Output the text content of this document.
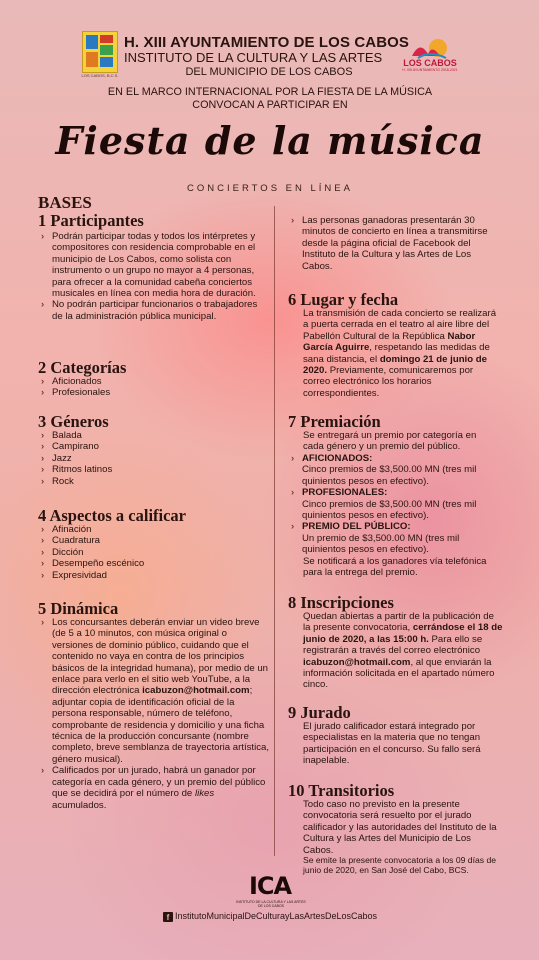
LOS CABOS, B.C.S.
H. XIII AYUNTAMIENTO DE LOS CABOS
INSTITUTO DE LA CULTURA Y LAS ARTES
DEL MUNICIPIO DE LOS CABOS
LOS CABOS
H. XIII AYUNTAMIENTO 2018-2021
EN EL MARCO INTERNACIONAL POR LA FIESTA DE LA MÚSICA
CONVOCAN A PARTICIPAR EN
Fiesta de la música
CONCIERTOS EN LÍNEA
BASES
1 Participantes
› Podrán participar todas y todos los intérpretes y compositores con residencia comprobable en el municipio de Los Cabos, como solista con instrumento o un grupo no mayor a 4 personas, para ofrecer a la comunidad cabeña conciertos musicales en línea con media hora de duración.
› No podrán participar funcionarios o trabajadores de la administración pública municipal.
2 Categorías
› Aficionados
› Profesionales
3 Géneros
› Balada
› Campirano
› Jazz
› Ritmos latinos
› Rock
4 Aspectos a calificar
› Afinación
› Cuadratura
› Dicción
› Desempeño escénico
› Expresividad
5 Dinámica
› Los concursantes deberán enviar un video breve (de 5 a 10 minutos, con música original o versiones de dominio público, cuidando que el contenido no vaya en contra de los principios básicos de la integridad humana), por medio de un enlace para verlo en el sitio web YouTube, a la dirección electrónica icabuzon@hotmail.com; adjuntar copia de identificación oficial de la persona responsable, número de teléfono, comprobante de residencia y domicilio y una ficha técnica de la producción concursante (nombre completo, breve semblanza de trayectoria artística, género musical).
› Calificados por un jurado, habrá un ganador por categoría en cada género, y un premio del público que se decidirá por el número de likes acumulados.
› Las personas ganadoras presentarán 30 minutos de concierto en línea a transmitirse desde la página oficial de Facebook del Instituto de la Cultura y las Artes de Los Cabos.
6 Lugar y fecha
La transmisión de cada concierto se realizará a puerta cerrada en el teatro al aire libre del Pabellón Cultural de la República Nabor García Aguirre, respetando las medidas de sana distancia, el domingo 21 de junio de 2020. Previamente, comunicaremos por correo electrónico los horarios correspondientes.
7 Premiación
Se entregará un premio por categoría en cada género y un premio del público.
› AFICIONADOS:
Cinco premios de $3,500.00 MN (tres mil quinientos pesos en efectivo).
› PROFESIONALES:
Cinco premios de $3,500.00 MN (tres mil quinientos pesos en efectivo).
› PREMIO DEL PÚBLICO:
Un premio de $3,500.00 MN (tres mil quinientos pesos en efectivo).
Se notificará a los ganadores vía telefónica para la entrega del premio.
8 Inscripciones
Quedan abiertas a partir de la publicación de la presente convocatoria, cerrándose el 18 de junio de 2020, a las 15:00 h. Para ello se registrarán a través del correo electrónico icabuzon@hotmail.com, al que enviarán la información solicitada en el apartado número cinco.
9 Jurado
El jurado calificador estará integrado por especialistas en la materia que no tengan participación en el concurso. Su fallo será inapelable.
10 Transitorios
Todo caso no previsto en la presente convocatoria será resuelto por el jurado calificador y las autoridades del Instituto de la Cultura y las Artes del Municipio de Los Cabos.
Se emite la presente convocatoria a los 09 días de junio de 2020, en San José del Cabo, BCS.
ICA
INSTITUTO DE LA CULTURA Y LAS ARTES DE LOS CABOS
f InstitutoMunicipalDeCulturayLasArtesDeLosCabos
